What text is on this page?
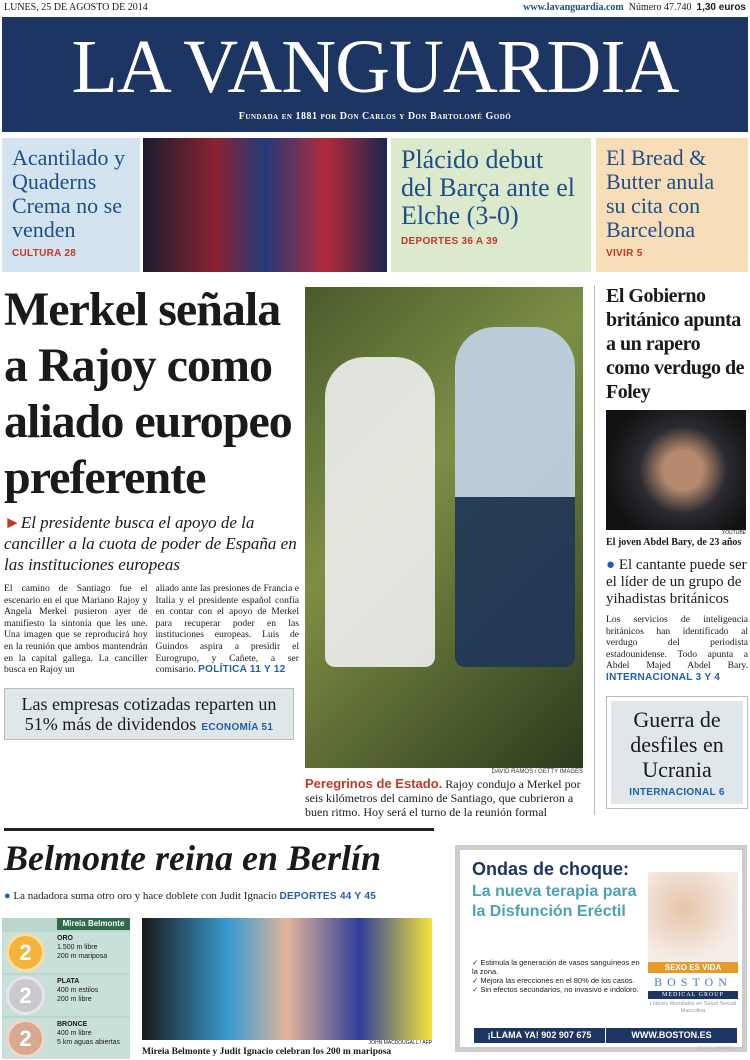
LUNES, 25 DE AGOSTO DE 2014	www.lavanguardia.com Número 47.740 1,30 euros
LA VANGUARDIA
Fundada en 1881 por Don Carlos y Don Bartolomé Godó
Acantilado y Quaderns Crema no se venden
CULTURA 28
Plácido debut del Barça ante el Elche (3-0)
DEPORTES 36 A 39
El Bread & Butter anula su cita con Barcelona
VIVIR 5
Merkel señala a Rajoy como aliado europeo preferente
►El presidente busca el apoyo de la canciller a la cuota de poder de España en las instituciones europeas
El camino de Santiago fue el escenario en el que Mariano Rajoy y Angela Merkel pusieron ayer de manifiesto la sintonía que les une. Una imagen que se reproducirá hoy en la reunión que ambos mantendrán en la capital gallega. La canciller busca en Rajoy un
aliado ante las presiones de Francia e Italia y el presidente español confía en contar con el apoyo de Merkel para recuperar poder en las instituciones europeas. Luis de Guindos aspira a presidir el Eurogrupo, y Cañete, a ser comisario. POLÍTICA 11 Y 12
Las empresas cotizadas reparten un 51% más de dividendos ECONOMÍA 51
DAVID RAMOS / GETTY IMAGES
Peregrinos de Estado. Rajoy condujo a Merkel por seis kilómetros del camino de Santiago, que cubrieron a buen ritmo. Hoy será el turno de la reunión formal
El Gobierno británico apunta a un rapero como verdugo de Foley
YOUTUBE
El joven Abdel Bary, de 23 años
● El cantante puede ser el líder de un grupo de yihadistas británicos
Los servicios de inteligencia británicos han identificado al verdugo del periodista estadounidense. Todo apunta a Abdel Majed Abdel Bary. INTERNACIONAL 3 Y 4
Guerra de desfiles en Ucrania
INTERNACIONAL 6
Belmonte reina en Berlín
● La nadadora suma otro oro y hace doblete con Judit Ignacio DEPORTES 44 Y 45
Mireia Belmonte
2
ORO
1.500 m libre
200 m mariposa
2
PLATA
400 m estilos
200 m libre
2
BRONCE
400 m libre
5 km aguas abiertas	JOHN MACDOUGALL / AFP
Mireia Belmonte y Judit Ignacio celebran los 200 m mariposa
Ondas de choque:
La nueva terapia para la Disfunción Eréctil
✓ Estimula la generación de vasos sanguíneos en la zona.
✓ Mejora las erecciones en el 80% de los casos.
✓ Sin efectos secundarios, no invasivo e indoloro.
SEXO ES VIDA
BOSTON
MEDICAL GROUP
Líderes Mundiales en Salud Sexual Masculina
¡LLAMA YA! 902 907 675	WWW.BOSTON.ES
R.C.S.E. 0098/2014
